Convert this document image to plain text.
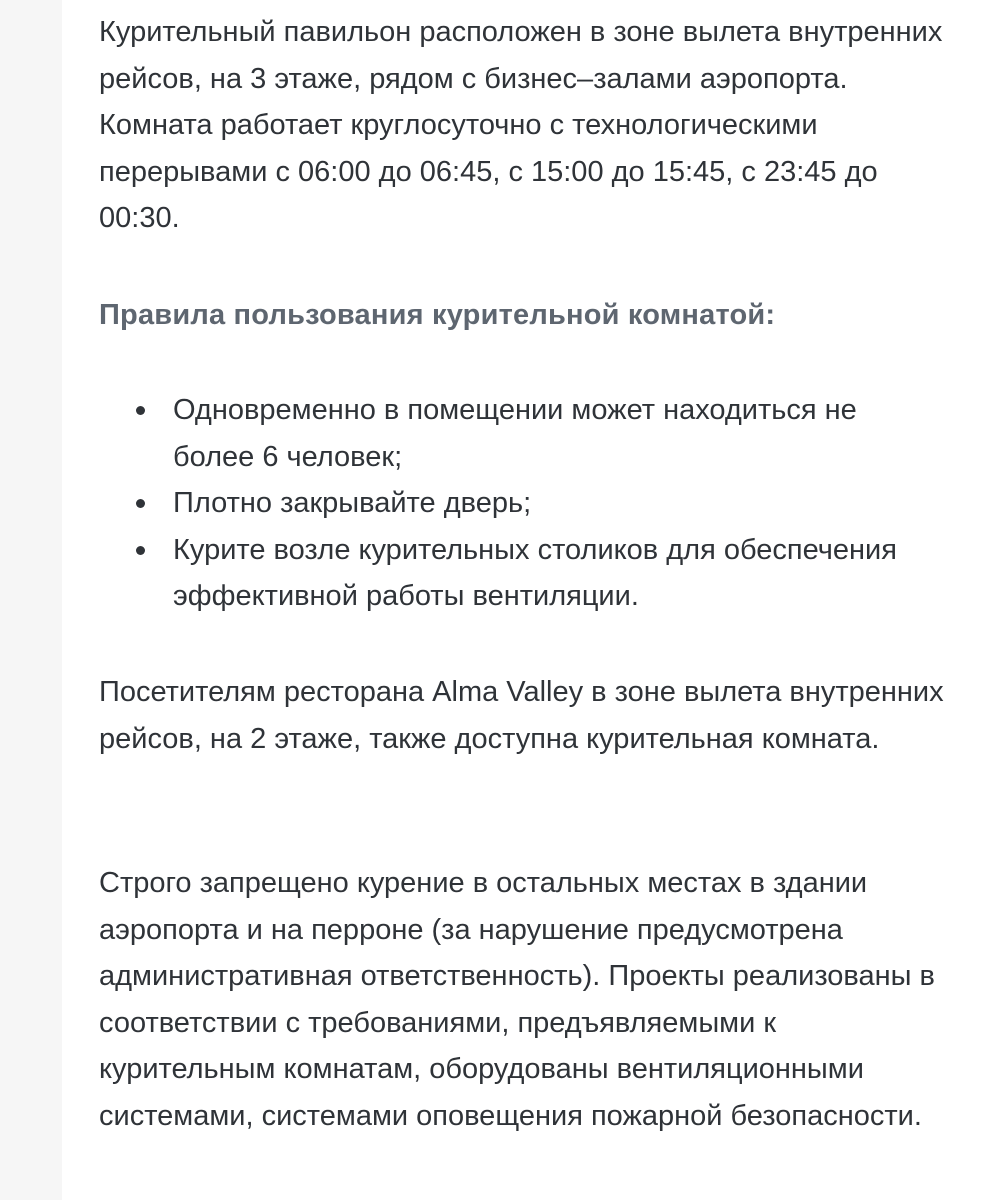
Курительный павильон расположен в зоне вылета внутренних рейсов, на 3 этаже, рядом с бизнес–залами аэропорта. Комната работает круглосуточно с технологическими перерывами с 06:00 до 06:45, с 15:00 до 15:45, с 23:45 до 00:30.

Правила пользования курительной комнатой:
Одновременно в помещении может находиться не более 6 человек;
Плотно закрывайте дверь;
Курите возле курительных столиков для обеспечения эффективной работы вентиляции.

Посетителям ресторана Alma Valley в зоне вылета внутренних рейсов, на 2 этаже, также доступна курительная комната.

Строго запрещено курение в остальных местах в здании аэропорта и на перроне (за нарушение предусмотрена административная ответственность). Проекты реализованы в соответствии с требованиями, предъявляемыми к курительным комнатам, оборудованы вентиляционными системами, системами оповещения пожарной безопасности.
